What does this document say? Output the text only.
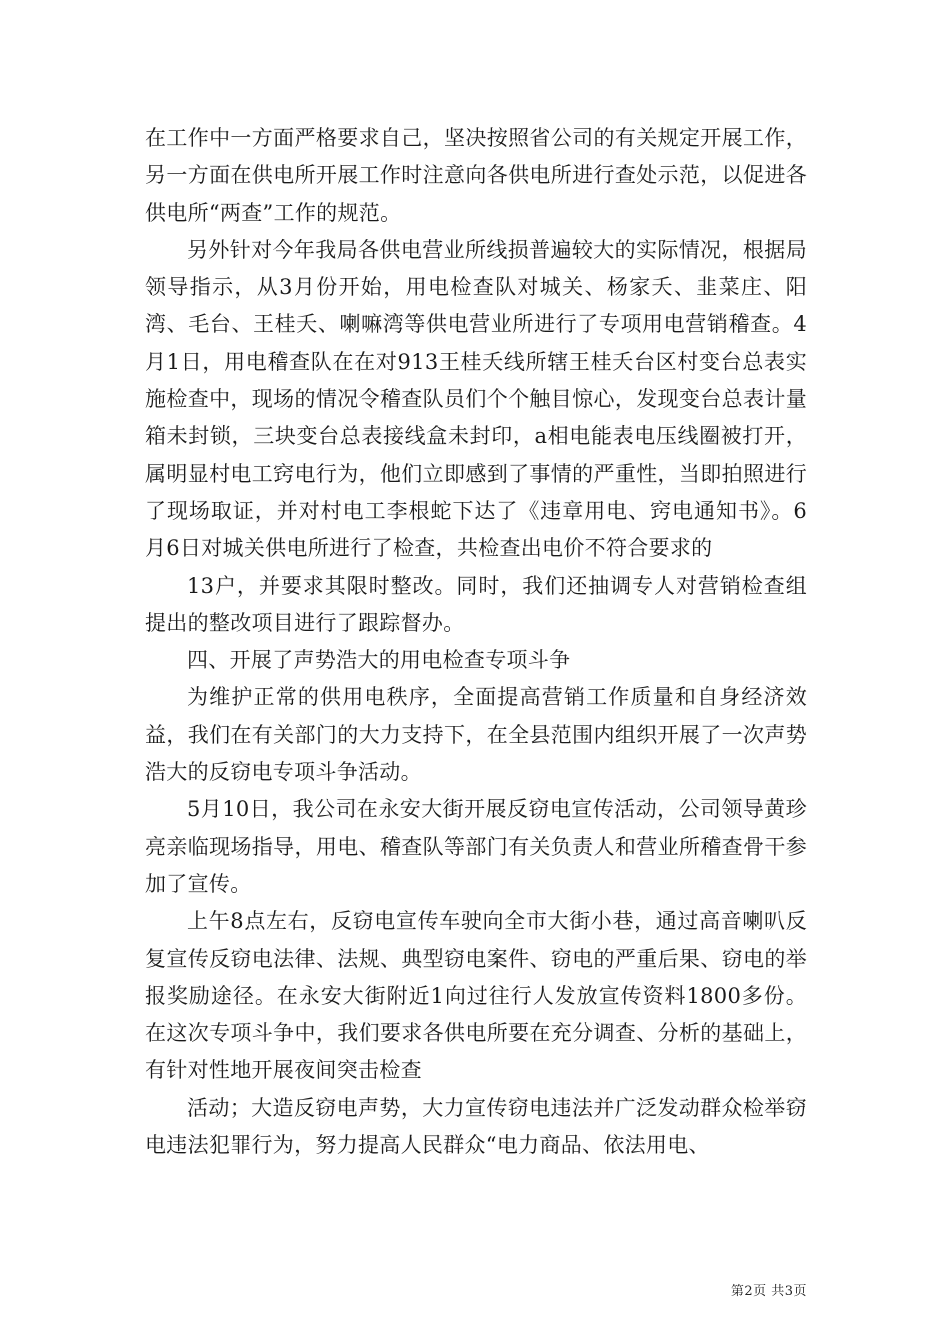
在工作中一方面严格要求自己，坚决按照省公司的有关规定开展工作，另一方面在供电所开展工作时注意向各供电所进行查处示范，以促进各供电所“两查”工作的规范。

另外针对今年我局各供电营业所线损普遍较大的实际情况，根据局领导指示，从3月份开始，用电检查队对城关、杨家夭、韭菜庄、阳湾、毛台、王桂夭、喇嘛湾等供电营业所进行了专项用电营销稽查。4月1日，用电稽查队在在对913王桂夭线所辖王桂夭台区村变台总表实施检查中，现场的情况令稽查队员们个个触目惊心，发现变台总表计量箱未封锁，三块变台总表接线盒未封印，a相电能表电压线圈被打开，属明显村电工窍电行为，他们立即感到了事情的严重性，当即拍照进行了现场取证，并对村电工李根蛇下达了《违章用电、窍电通知书》。6月6日对城关供电所进行了检查，共检查出电价不符合要求的

13户，并要求其限时整改。同时，我们还抽调专人对营销检查组提出的整改项目进行了跟踪督办。

四、开展了声势浩大的用电检查专项斗争

为维护正常的供用电秩序，全面提高营销工作质量和自身经济效益，我们在有关部门的大力支持下，在全县范围内组织开展了一次声势浩大的反窃电专项斗争活动。

5月10日，我公司在永安大街开展反窃电宣传活动，公司领导黄珍亮亲临现场指导，用电、稽查队等部门有关负责人和营业所稽查骨干参加了宣传。

上午8点左右，反窃电宣传车驶向全市大街小巷，通过高音喇叭反复宣传反窃电法律、法规、典型窃电案件、窃电的严重后果、窃电的举报奖励途径。在永安大街附近1向过往行人发放宣传资料1800多份。在这次专项斗争中，我们要求各供电所要在充分调查、分析的基础上，有针对性地开展夜间突击检查

活动；大造反窃电声势，大力宣传窃电违法并广泛发动群众检举窃电违法犯罪行为，努力提高人民群众“电力商品、依法用电、

第2页 共3页
